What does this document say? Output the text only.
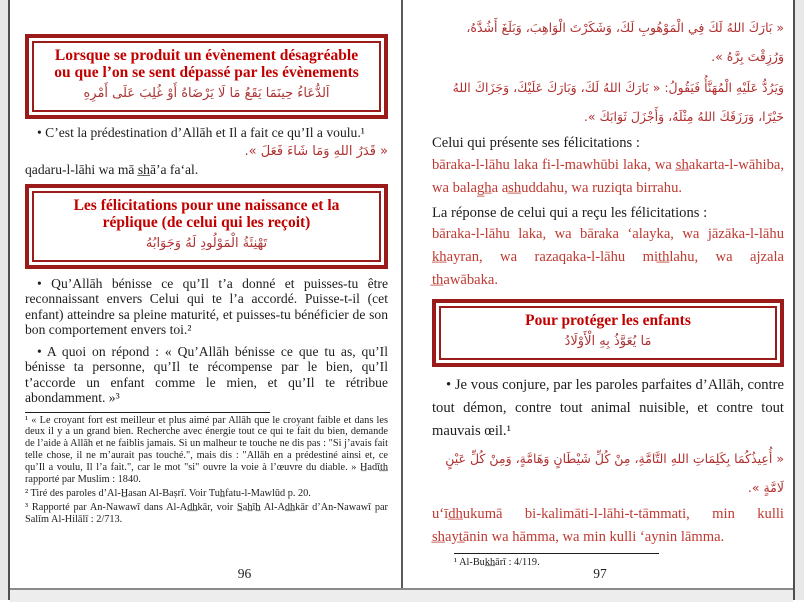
Lorsque se produit un évènement désagréable
ou que l’on se sent dépassé par les évènements
اَلدُّعَاءُ حِينَمَا يَقَعُ مَا لَا يَرْضَاهُ أَوْ غُلِبَ عَلَى أَمْرِهِ

• C’est la prédestination d’Allāh et Il a fait ce qu’Il a voulu.¹

« قَدَرُ اللهِ وَمَا شَاءَ فَعَلَ ».
qadaru-l-lāhi wa mā s̲h̲ā’a fa‘al.
Les félicitations pour une naissance et la
réplique (de celui qui les reçoit)
تَهْنِئَةُ الْمَوْلُودِ لَهُ وَجَوَابُهُ

• Qu’Allāh bénisse ce qu’Il t’a donné et puisses-tu être reconnaissant envers Celui qui te l’a accordé. Puisse-t-il (cet enfant) atteindre sa pleine maturité, et puisses-tu bénéficier de son bon comportement envers toi.²

• A quoi on répond : « Qu’Allāh bénisse ce que tu as, qu’Il bénisse ta personne, qu’Il te récompense par le bien, qu’Il t’accorde un enfant comme le mien, et qu’Il te rétribue abondamment. »³

¹ « Le croyant fort est meilleur et plus aimé par Allāh que le croyant faible et dans les deux il y a un grand bien. Recherche avec énergie tout ce qui te fait du bien, demande de l’aide à Allāh et ne faiblis jamais. Si un malheur te touche ne dis pas : "Si j’avais fait telle chose, il ne m’aurait pas touché.", mais dis : "Allāh en a prédestiné ainsi et, ce qu’Il a voulu, Il l’a fait.", car le mot "si" ouvre la voie à l’œuvre du diable. » H̲adīt̲h̲ rapporté par Muslim : 1840.

² Tiré des paroles d’Al-H̲asan Al-Baṣrī. Voir Tuh̲fatu-l-Mawlūd p. 20.

³ Rapporté par An-Nawawī dans Al-Ad̲h̲kār, voir S̲ah̲īh̲ Al-Ad̲h̲kār d’An-Nawawī par Salīm Al-Hilālī : 2/713.

96
« بَارَكَ اللهُ لَكَ فِي الْمَوْهُوبِ لَكَ، وَشَكَرْتَ الْوَاهِبَ، وَبَلَغَ أَشُدَّهُ، وَرُزِقْتَ بِرَّهُ ».
وَيَرُدُّ عَلَيْهِ الْمُهَنَّأُ فَيَقُولُ: « بَارَكَ اللهُ لَكَ، وَبَارَكَ عَلَيْكَ، وَجَزَاكَ اللهُ خَيْرًا، وَرَزَقَكَ اللهُ مِثْلَهُ، وَأَجْزَلَ ثَوَابَكَ ».

Celui qui présente ses félicitations :

bāraka-l-lāhu laka fi-l-mawhūbi laka, wa s̲h̲akarta-l-wāhiba, wa balag̲h̲a as̲h̲uddahu, wa ruziqta birrahu.

La réponse de celui qui a reçu les félicitations :

bāraka-l-lāhu laka, wa bāraka ‘alayka, wa jāzāka-l-lāhu k̲h̲ayran, wa razaqaka-l-lāhu mit̲h̲lahu, wa ajzala t̲h̲awābaka.

Pour protéger les enfants
مَا يُعَوَّذُ بِهِ الْأَوْلَادُ

• Je vous conjure, par les paroles parfaites d’Allāh, contre tout démon, contre tout animal nuisible, et contre tout mauvais œil.¹

« أُعِيذُكُمَا بِكَلِمَاتِ اللهِ التَّامَّةِ، مِنْ كُلِّ شَيْطَانٍ وَهَامَّةٍ، وَمِنْ كُلِّ عَيْنٍ لَامَّةٍ ».

u‘īd̲h̲ukumā bi-kalimāti-l-lāhi-t-tāmmati, min kulli s̲h̲ayt̲ānin wa hāmma, wa min kulli ‘aynin lāmma.

¹ Al-Buk̲h̲ārī : 4/119.

97
